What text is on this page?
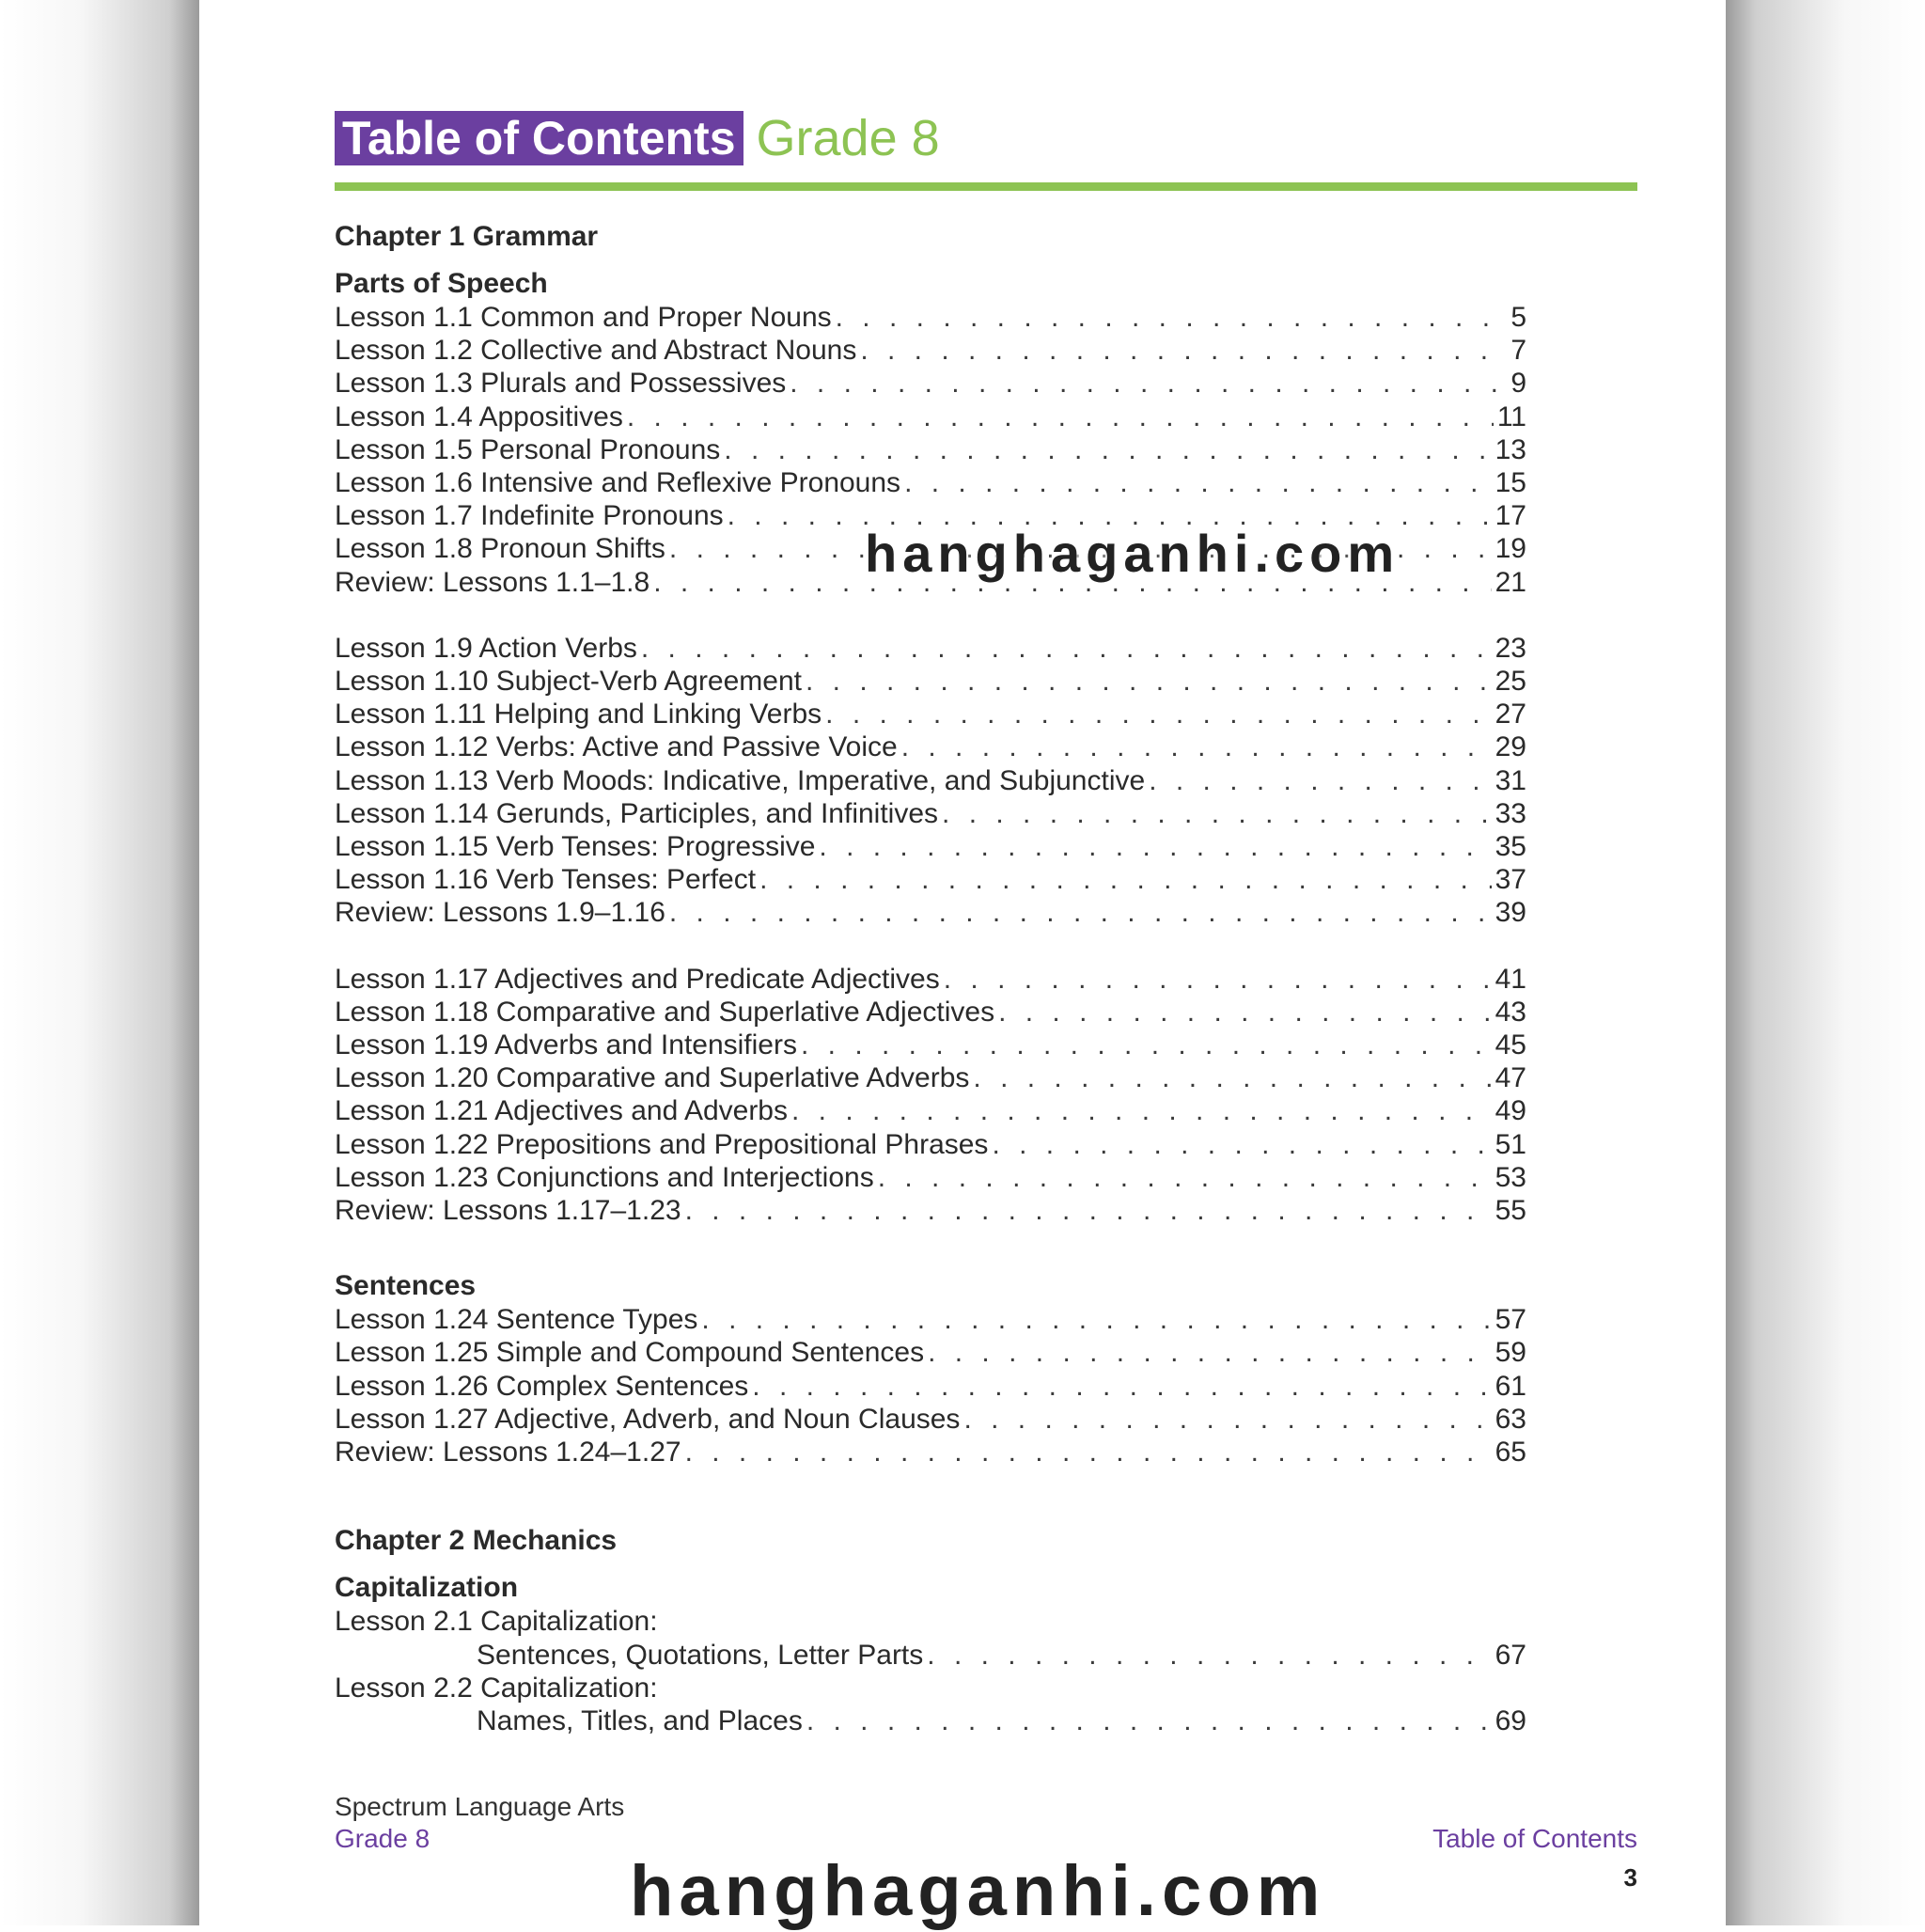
Table of Contents Grade 8
Chapter 1 Grammar
Parts of Speech
Lesson 1.1 Common and Proper Nouns . . .	5
Lesson 1.2 Collective and Abstract Nouns . . .	7
Lesson 1.3 Plurals and Possessives . . .	9
Lesson 1.4 Appositives . . .	11
Lesson 1.5 Personal Pronouns . . .	13
Lesson 1.6 Intensive and Reflexive Pronouns . . .	15
Lesson 1.7 Indefinite Pronouns . . .	17
Lesson 1.8 Pronoun Shifts . . .	19
Review: Lessons 1.1–1.8 . . .	21
Lesson 1.9 Action Verbs . . .	23
Lesson 1.10 Subject-Verb Agreement . . .	25
Lesson 1.11 Helping and Linking Verbs . . .	27
Lesson 1.12 Verbs: Active and Passive Voice . . .	29
Lesson 1.13 Verb Moods: Indicative, Imperative, and Subjunctive . . .	31
Lesson 1.14 Gerunds, Participles, and Infinitives . . .	33
Lesson 1.15 Verb Tenses: Progressive . . .	35
Lesson 1.16 Verb Tenses: Perfect . . .	37
Review: Lessons 1.9–1.16 . . .	39
Lesson 1.17 Adjectives and Predicate Adjectives . . .	41
Lesson 1.18 Comparative and Superlative Adjectives . . .	43
Lesson 1.19 Adverbs and Intensifiers . . .	45
Lesson 1.20 Comparative and Superlative Adverbs . . .	47
Lesson 1.21 Adjectives and Adverbs . . .	49
Lesson 1.22 Prepositions and Prepositional Phrases . . .	51
Lesson 1.23 Conjunctions and Interjections . . .	53
Review: Lessons 1.17–1.23 . . .	55
Sentences
Lesson 1.24 Sentence Types . . .	57
Lesson 1.25 Simple and Compound Sentences . . .	59
Lesson 1.26 Complex Sentences . . .	61
Lesson 1.27 Adjective, Adverb, and Noun Clauses . . .	63
Review: Lessons 1.24–1.27 . . .	65
Chapter 2 Mechanics
Capitalization
Lesson 2.1 Capitalization:
Sentences, Quotations, Letter Parts . . .	67
Lesson 2.2 Capitalization:
Names, Titles, and Places . . .	69
Spectrum Language Arts
Grade 8	Table of Contents
3
hanghaganhi.com
hanghaganhi.com
